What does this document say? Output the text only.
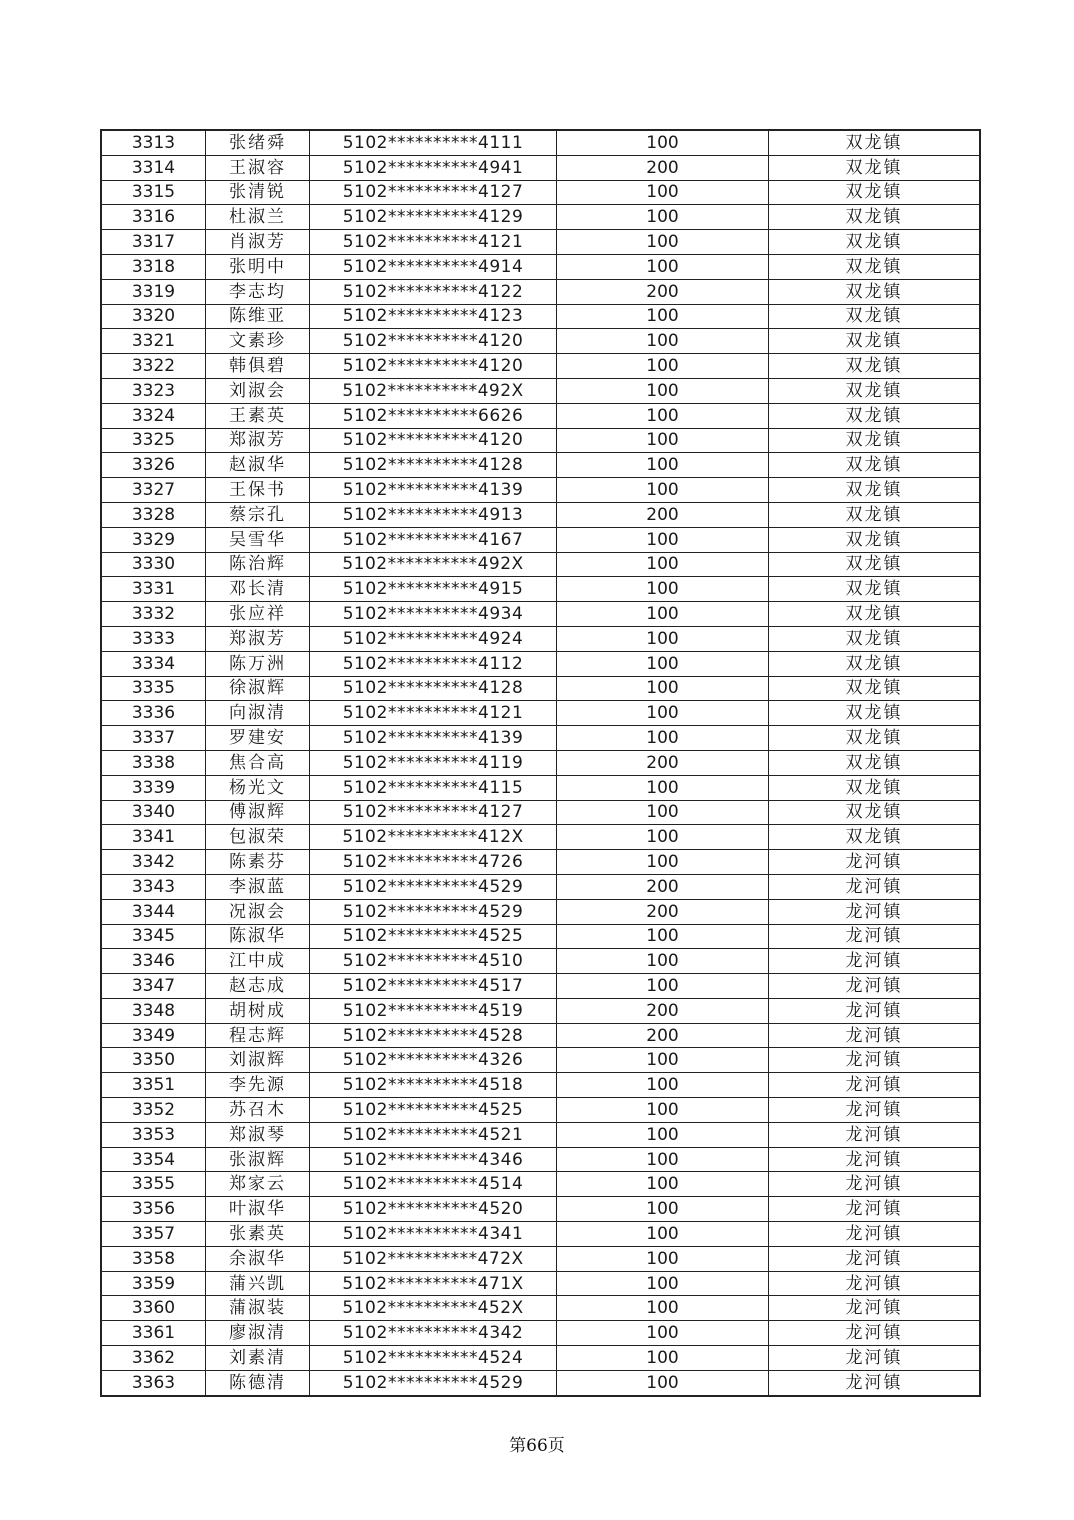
3313	张绪舜	5102**********4111	100	双龙镇
3314	王淑容	5102**********4941	200	双龙镇
3315	张清锐	5102**********4127	100	双龙镇
3316	杜淑兰	5102**********4129	100	双龙镇
3317	肖淑芳	5102**********4121	100	双龙镇
3318	张明中	5102**********4914	100	双龙镇
3319	李志均	5102**********4122	200	双龙镇
3320	陈维亚	5102**********4123	100	双龙镇
3321	文素珍	5102**********4120	100	双龙镇
3322	韩俱碧	5102**********4120	100	双龙镇
3323	刘淑会	5102**********492X	100	双龙镇
3324	王素英	5102**********6626	100	双龙镇
3325	郑淑芳	5102**********4120	100	双龙镇
3326	赵淑华	5102**********4128	100	双龙镇
3327	王保书	5102**********4139	100	双龙镇
3328	蔡宗孔	5102**********4913	200	双龙镇
3329	吴雪华	5102**********4167	100	双龙镇
3330	陈治辉	5102**********492X	100	双龙镇
3331	邓长清	5102**********4915	100	双龙镇
3332	张应祥	5102**********4934	100	双龙镇
3333	郑淑芳	5102**********4924	100	双龙镇
3334	陈万洲	5102**********4112	100	双龙镇
3335	徐淑辉	5102**********4128	100	双龙镇
3336	向淑清	5102**********4121	100	双龙镇
3337	罗建安	5102**********4139	100	双龙镇
3338	焦合高	5102**********4119	200	双龙镇
3339	杨光文	5102**********4115	100	双龙镇
3340	傅淑辉	5102**********4127	100	双龙镇
3341	包淑荣	5102**********412X	100	双龙镇
3342	陈素芬	5102**********4726	100	龙河镇
3343	李淑蓝	5102**********4529	200	龙河镇
3344	况淑会	5102**********4529	200	龙河镇
3345	陈淑华	5102**********4525	100	龙河镇
3346	江中成	5102**********4510	100	龙河镇
3347	赵志成	5102**********4517	100	龙河镇
3348	胡树成	5102**********4519	200	龙河镇
3349	程志辉	5102**********4528	200	龙河镇
3350	刘淑辉	5102**********4326	100	龙河镇
3351	李先源	5102**********4518	100	龙河镇
3352	苏召木	5102**********4525	100	龙河镇
3353	郑淑琴	5102**********4521	100	龙河镇
3354	张淑辉	5102**********4346	100	龙河镇
3355	郑家云	5102**********4514	100	龙河镇
3356	叶淑华	5102**********4520	100	龙河镇
3357	张素英	5102**********4341	100	龙河镇
3358	余淑华	5102**********472X	100	龙河镇
3359	蒲兴凯	5102**********471X	100	龙河镇
3360	蒲淑装	5102**********452X	100	龙河镇
3361	廖淑清	5102**********4342	100	龙河镇
3362	刘素清	5102**********4524	100	龙河镇
3363	陈德清	5102**********4529	100	龙河镇
第66页
